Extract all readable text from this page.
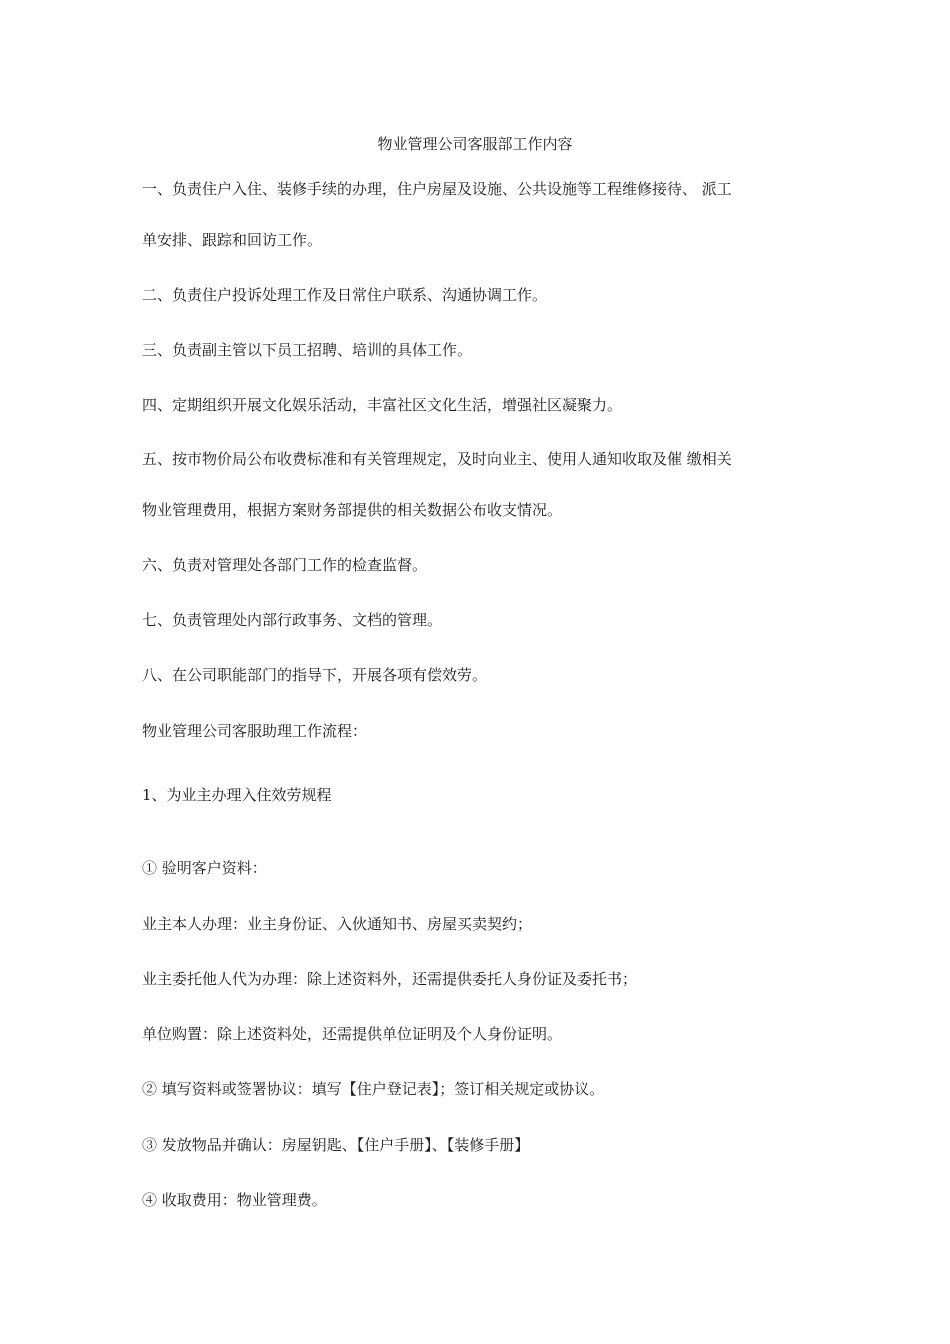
物业管理公司客服部工作内容
一、负责住户入住、装修手续的办理，住户房屋及设施、公共设施等工程维修接待、 派工
单安排、跟踪和回访工作。
二、负责住户投诉处理工作及日常住户联系、沟通协调工作。
三、负责副主管以下员工招聘、培训的具体工作。
四、定期组织开展文化娱乐活动，丰富社区文化生活，增强社区凝聚力。
五、按市物价局公布收费标准和有关管理规定，及时向业主、使用人通知收取及催 缴相关
物业管理费用，根据方案财务部提供的相关数据公布收支情况。
六、负责对管理处各部门工作的检查监督。
七、负责管理处内部行政事务、文档的管理。
八、在公司职能部门的指导下，开展各项有偿效劳。
物业管理公司客服助理工作流程：
1、为业主办理入住效劳规程
① 验明客户资料：
业主本人办理：业主身份证、入伙通知书、房屋买卖契约；
业主委托他人代为办理：除上述资料外，还需提供委托人身份证及委托书；
单位购置：除上述资料处，还需提供单位证明及个人身份证明。
② 填写资料或签署协议：填写【住户登记表】；签订相关规定或协议。
③ 发放物品并确认：房屋钥匙、【住户手册】、【装修手册】
④ 收取费用：物业管理费。
